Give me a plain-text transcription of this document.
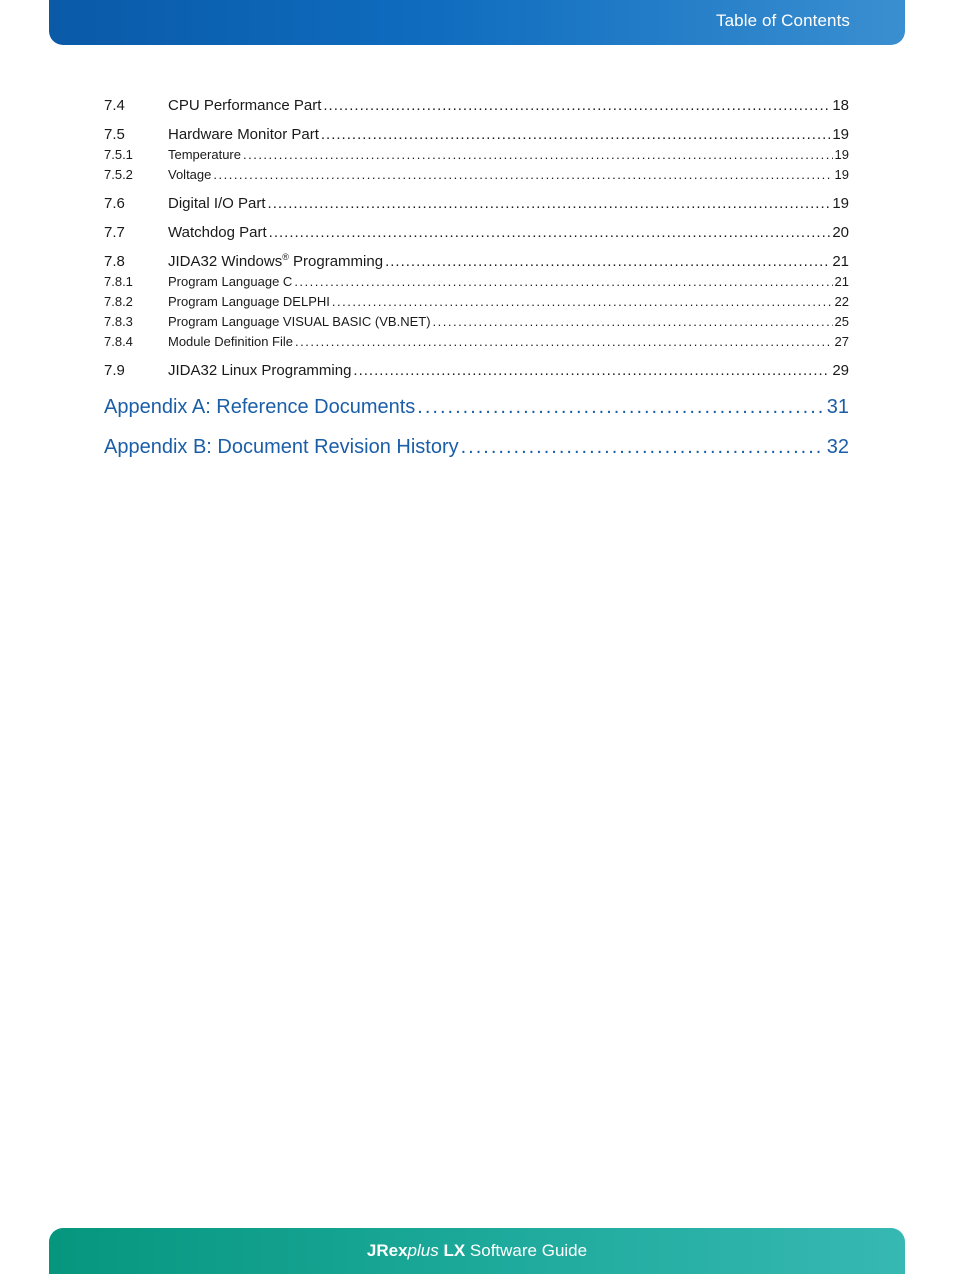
Table of Contents
7.4	CPU Performance Part .....	18
7.5	Hardware Monitor Part .....	19
7.5.1	Temperature .....	19
7.5.2	Voltage .....	19
7.6	Digital I/O Part .....	19
7.7	Watchdog Part .....	20
7.8	JIDA32 Windows® Programming .....	21
7.8.1	Program Language C .....	21
7.8.2	Program Language DELPHI .....	22
7.8.3	Program Language VISUAL BASIC (VB.NET) .....	25
7.8.4	Module Definition File .....	27
7.9	JIDA32 Linux Programming .....	29
Appendix A: Reference Documents .....	31
Appendix B: Document Revision History .....	32
JRexplus LX Software Guide
